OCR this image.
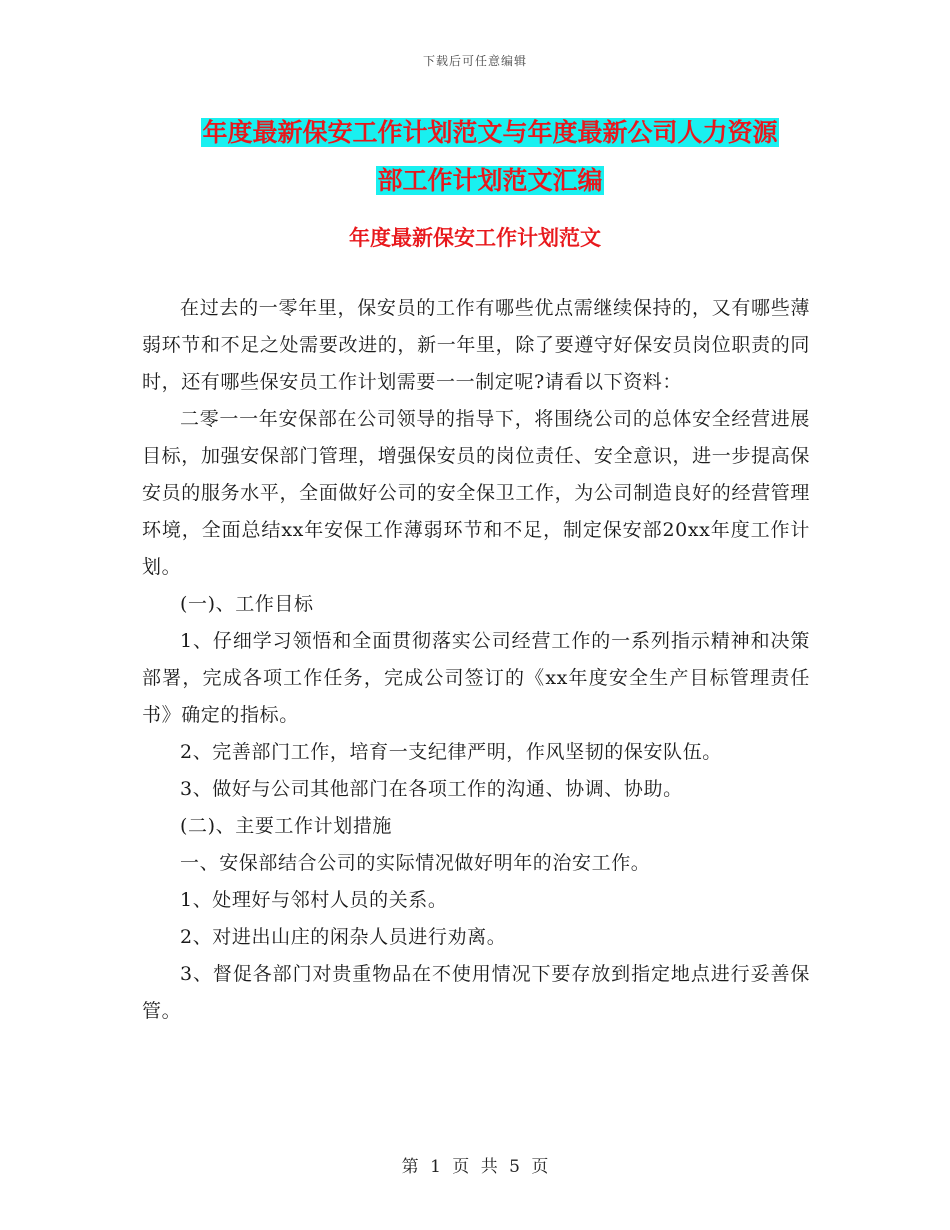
下载后可任意编辑
年度最新保安工作计划范文与年度最新公司人力资源
部工作计划范文汇编
年度最新保安工作计划范文

在过去的一零年里，保安员的工作有哪些优点需继续保持的，又有哪些薄弱环节和不足之处需要改进的，新一年里，除了要遵守好保安员岗位职责的同时，还有哪些保安员工作计划需要一一制定呢?请看以下资料：

二零一一年安保部在公司领导的指导下，将围绕公司的总体安全经营进展目标，加强安保部门管理，增强保安员的岗位责任、安全意识，进一步提高保安员的服务水平，全面做好公司的安全保卫工作，为公司制造良好的经营管理环境，全面总结xx年安保工作薄弱环节和不足，制定保安部20xx年度工作计划。

(一)、工作目标

1、仔细学习领悟和全面贯彻落实公司经营工作的一系列指示精神和决策部署，完成各项工作任务，完成公司签订的《xx年度安全生产目标管理责任书》确定的指标。

2、完善部门工作，培育一支纪律严明，作风坚韧的保安队伍。

3、做好与公司其他部门在各项工作的沟通、协调、协助。

(二)、主要工作计划措施

一、安保部结合公司的实际情况做好明年的治安工作。

1、处理好与邻村人员的关系。

2、对进出山庄的闲杂人员进行劝离。

3、督促各部门对贵重物品在不使用情况下要存放到指定地点进行妥善保管。

第 1 页 共 5 页
